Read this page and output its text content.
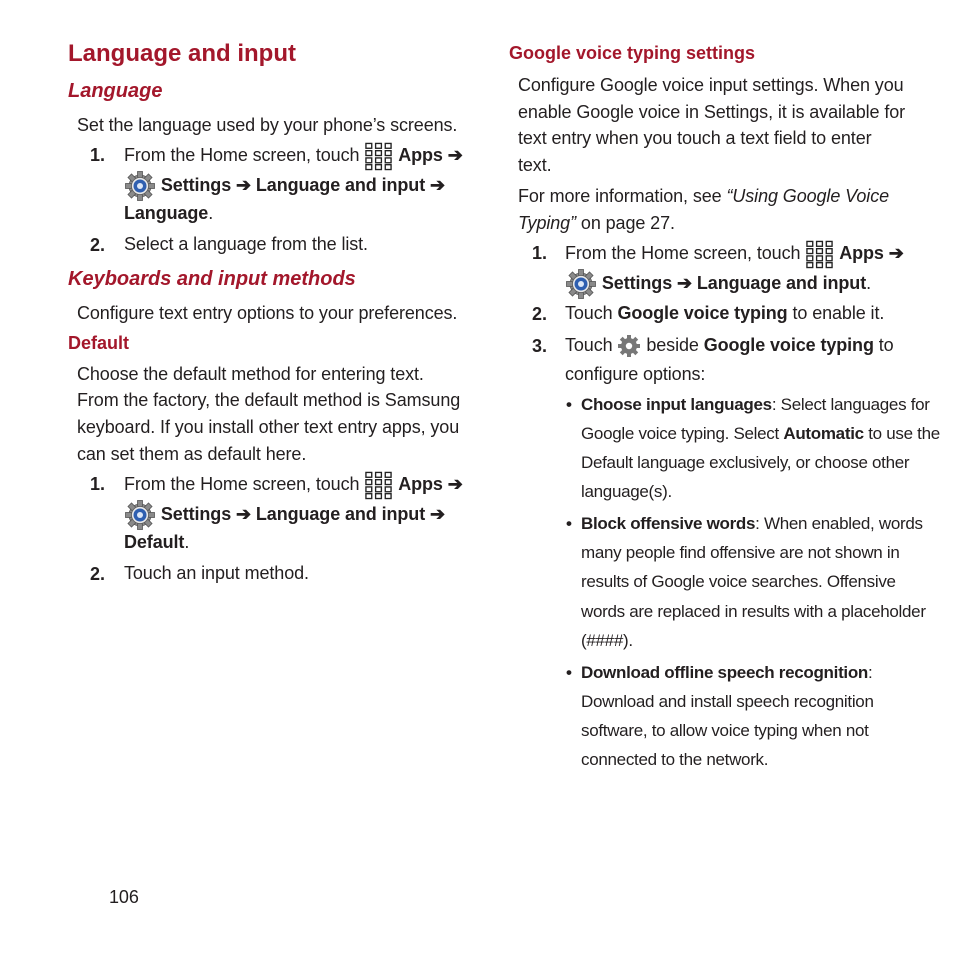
Language and input
Language
Set the language used by your phone’s screens.
1. From the Home screen, touch Apps ➔
Settings ➔ Language and input ➔
Language.
2. Select a language from the list.
Keyboards and input methods
Configure text entry options to your preferences.
Default
Choose the default method for entering text.
From the factory, the default method is Samsung
keyboard. If you install other text entry apps, you
can set them as default here.
1. From the Home screen, touch Apps ➔
Settings ➔ Language and input ➔
Default.
2. Touch an input method.
106
Google voice typing settings
Configure Google voice input settings. When you
enable Google voice in Settings, it is available for
text entry when you touch a text field to enter
text.
For more information, see “Using Google Voice
Typing” on page 27.
1. From the Home screen, touch Apps ➔
Settings ➔ Language and input.
2. Touch Google voice typing to enable it.
3. Touch beside Google voice typing to
configure options:
• Choose input languages: Select languages for
Google voice typing. Select Automatic to use the
Default language exclusively, or choose other
language(s).
• Block offensive words: When enabled, words
many people find offensive are not shown in
results of Google voice searches. Offensive
words are replaced in results with a placeholder
(####).
• Download offline speech recognition:
Download and install speech recognition
software, to allow voice typing when not
connected to the network.
